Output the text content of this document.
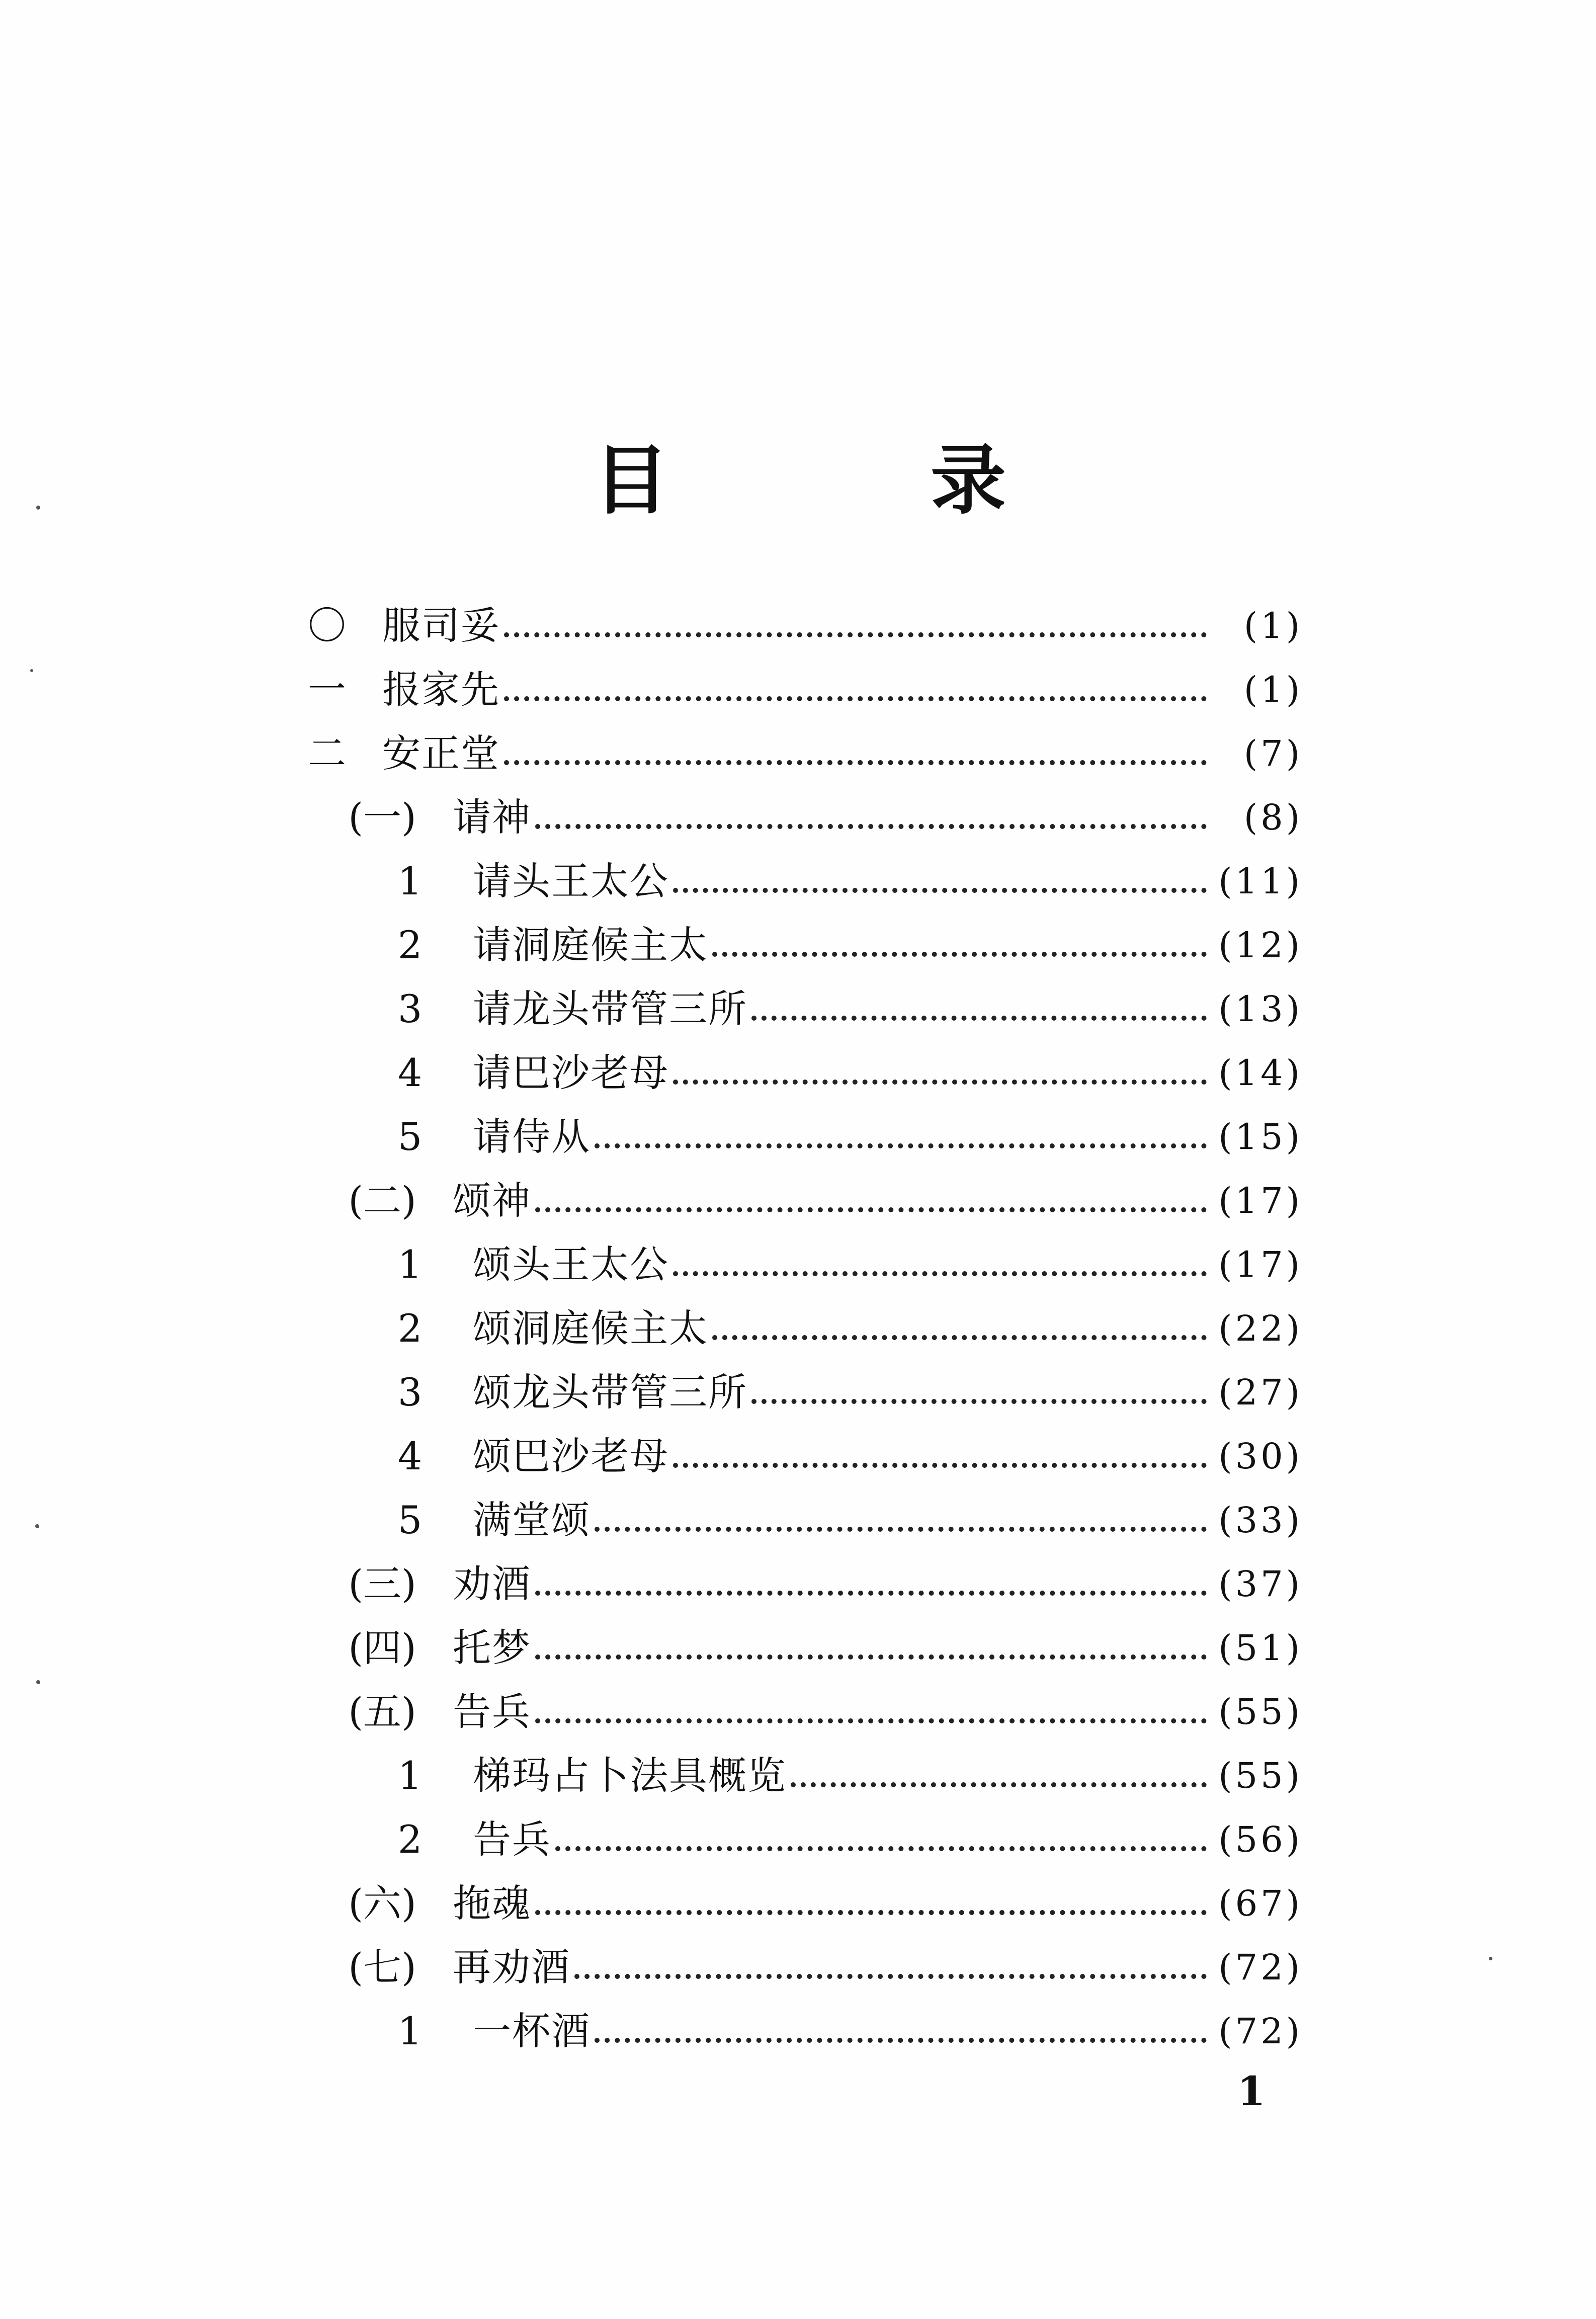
目	录
〇 服司妥	(1)
一 报家先	(1)
二 安正堂	(7)
(一) 请神	(8)
1	请头王太公	(11)
2	请洞庭候主太	(12)
3	请龙头带管三所	(13)
4	请巴沙老母	(14)
5	请侍从	(15)
(二) 颂神	(17)
1	颂头王太公	(17)
2	颂洞庭候主太	(22)
3	颂龙头带管三所	(27)
4	颂巴沙老母	(30)
5	满堂颂	(33)
(三) 劝酒	(37)
(四) 托梦	(51)
(五) 告兵	(55)
1	梯玛占卜法具概览	(55)
2	告兵	(56)
(六) 拖魂	(67)
(七) 再劝酒	(72)
1	一杯酒	(72)
1
